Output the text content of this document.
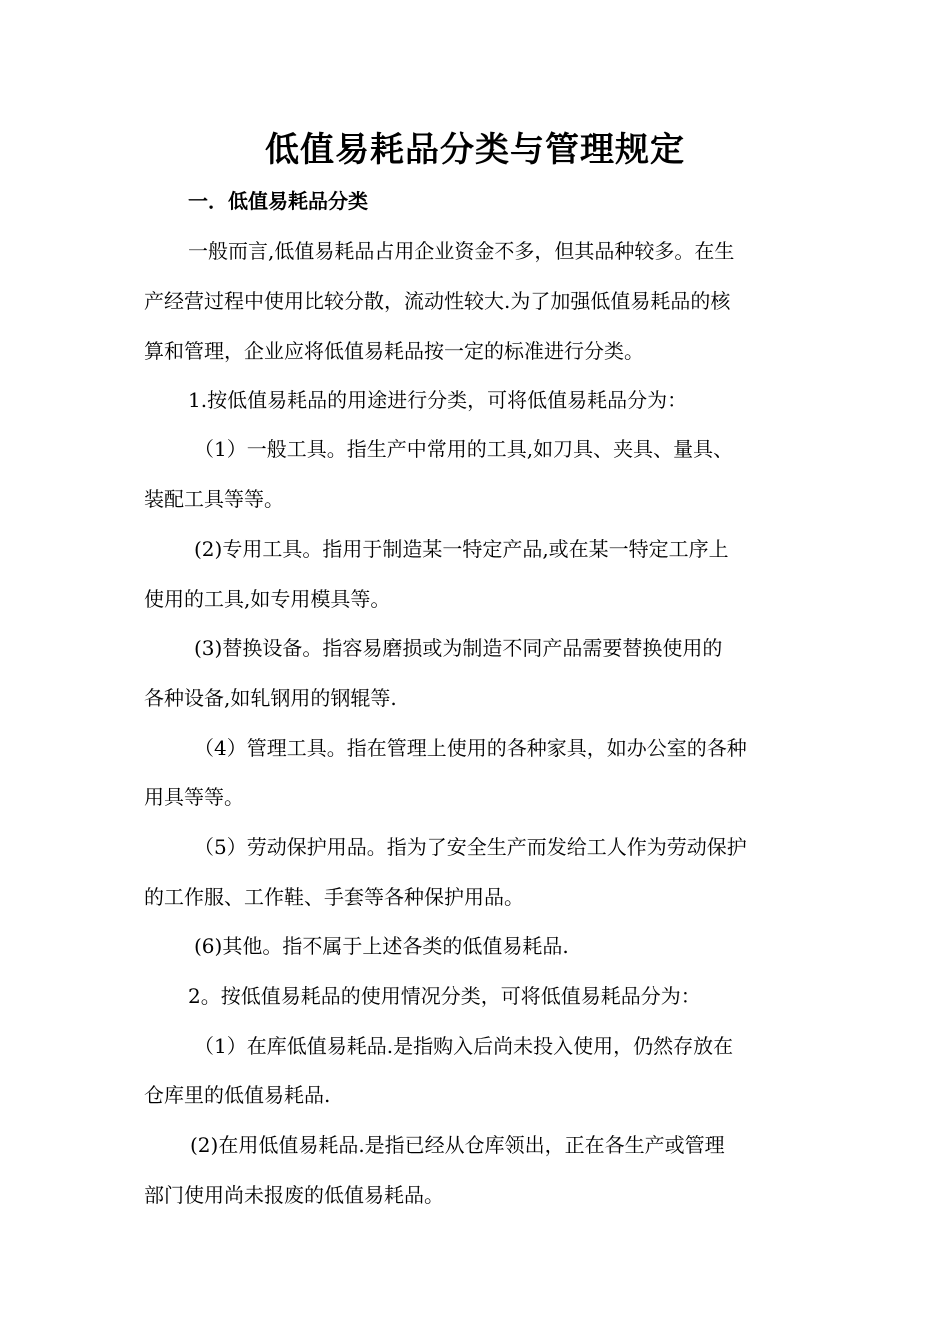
低值易耗品分类与管理规定
一．低值易耗品分类
一般而言,低值易耗品占用企业资金不多，但其品种较多。在生
产经营过程中使用比较分散，流动性较大.为了加强低值易耗品的核
算和管理，企业应将低值易耗品按一定的标准进行分类。
1.按低值易耗品的用途进行分类，可将低值易耗品分为：
（1）一般工具。指生产中常用的工具,如刀具、夹具、量具、
装配工具等等。
(2)专用工具。指用于制造某一特定产品,或在某一特定工序上
使用的工具,如专用模具等。
(3)替换设备。指容易磨损或为制造不同产品需要替换使用的
各种设备,如轧钢用的钢辊等.
（4）管理工具。指在管理上使用的各种家具，如办公室的各种
用具等等。
（5）劳动保护用品。指为了安全生产而发给工人作为劳动保护
的工作服、工作鞋、手套等各种保护用品。
(6)其他。指不属于上述各类的低值易耗品.
2。按低值易耗品的使用情况分类，可将低值易耗品分为：
（1）在库低值易耗品.是指购入后尚未投入使用，仍然存放在
仓库里的低值易耗品.
(2)在用低值易耗品.是指已经从仓库领出，正在各生产或管理
部门使用尚未报废的低值易耗品。
